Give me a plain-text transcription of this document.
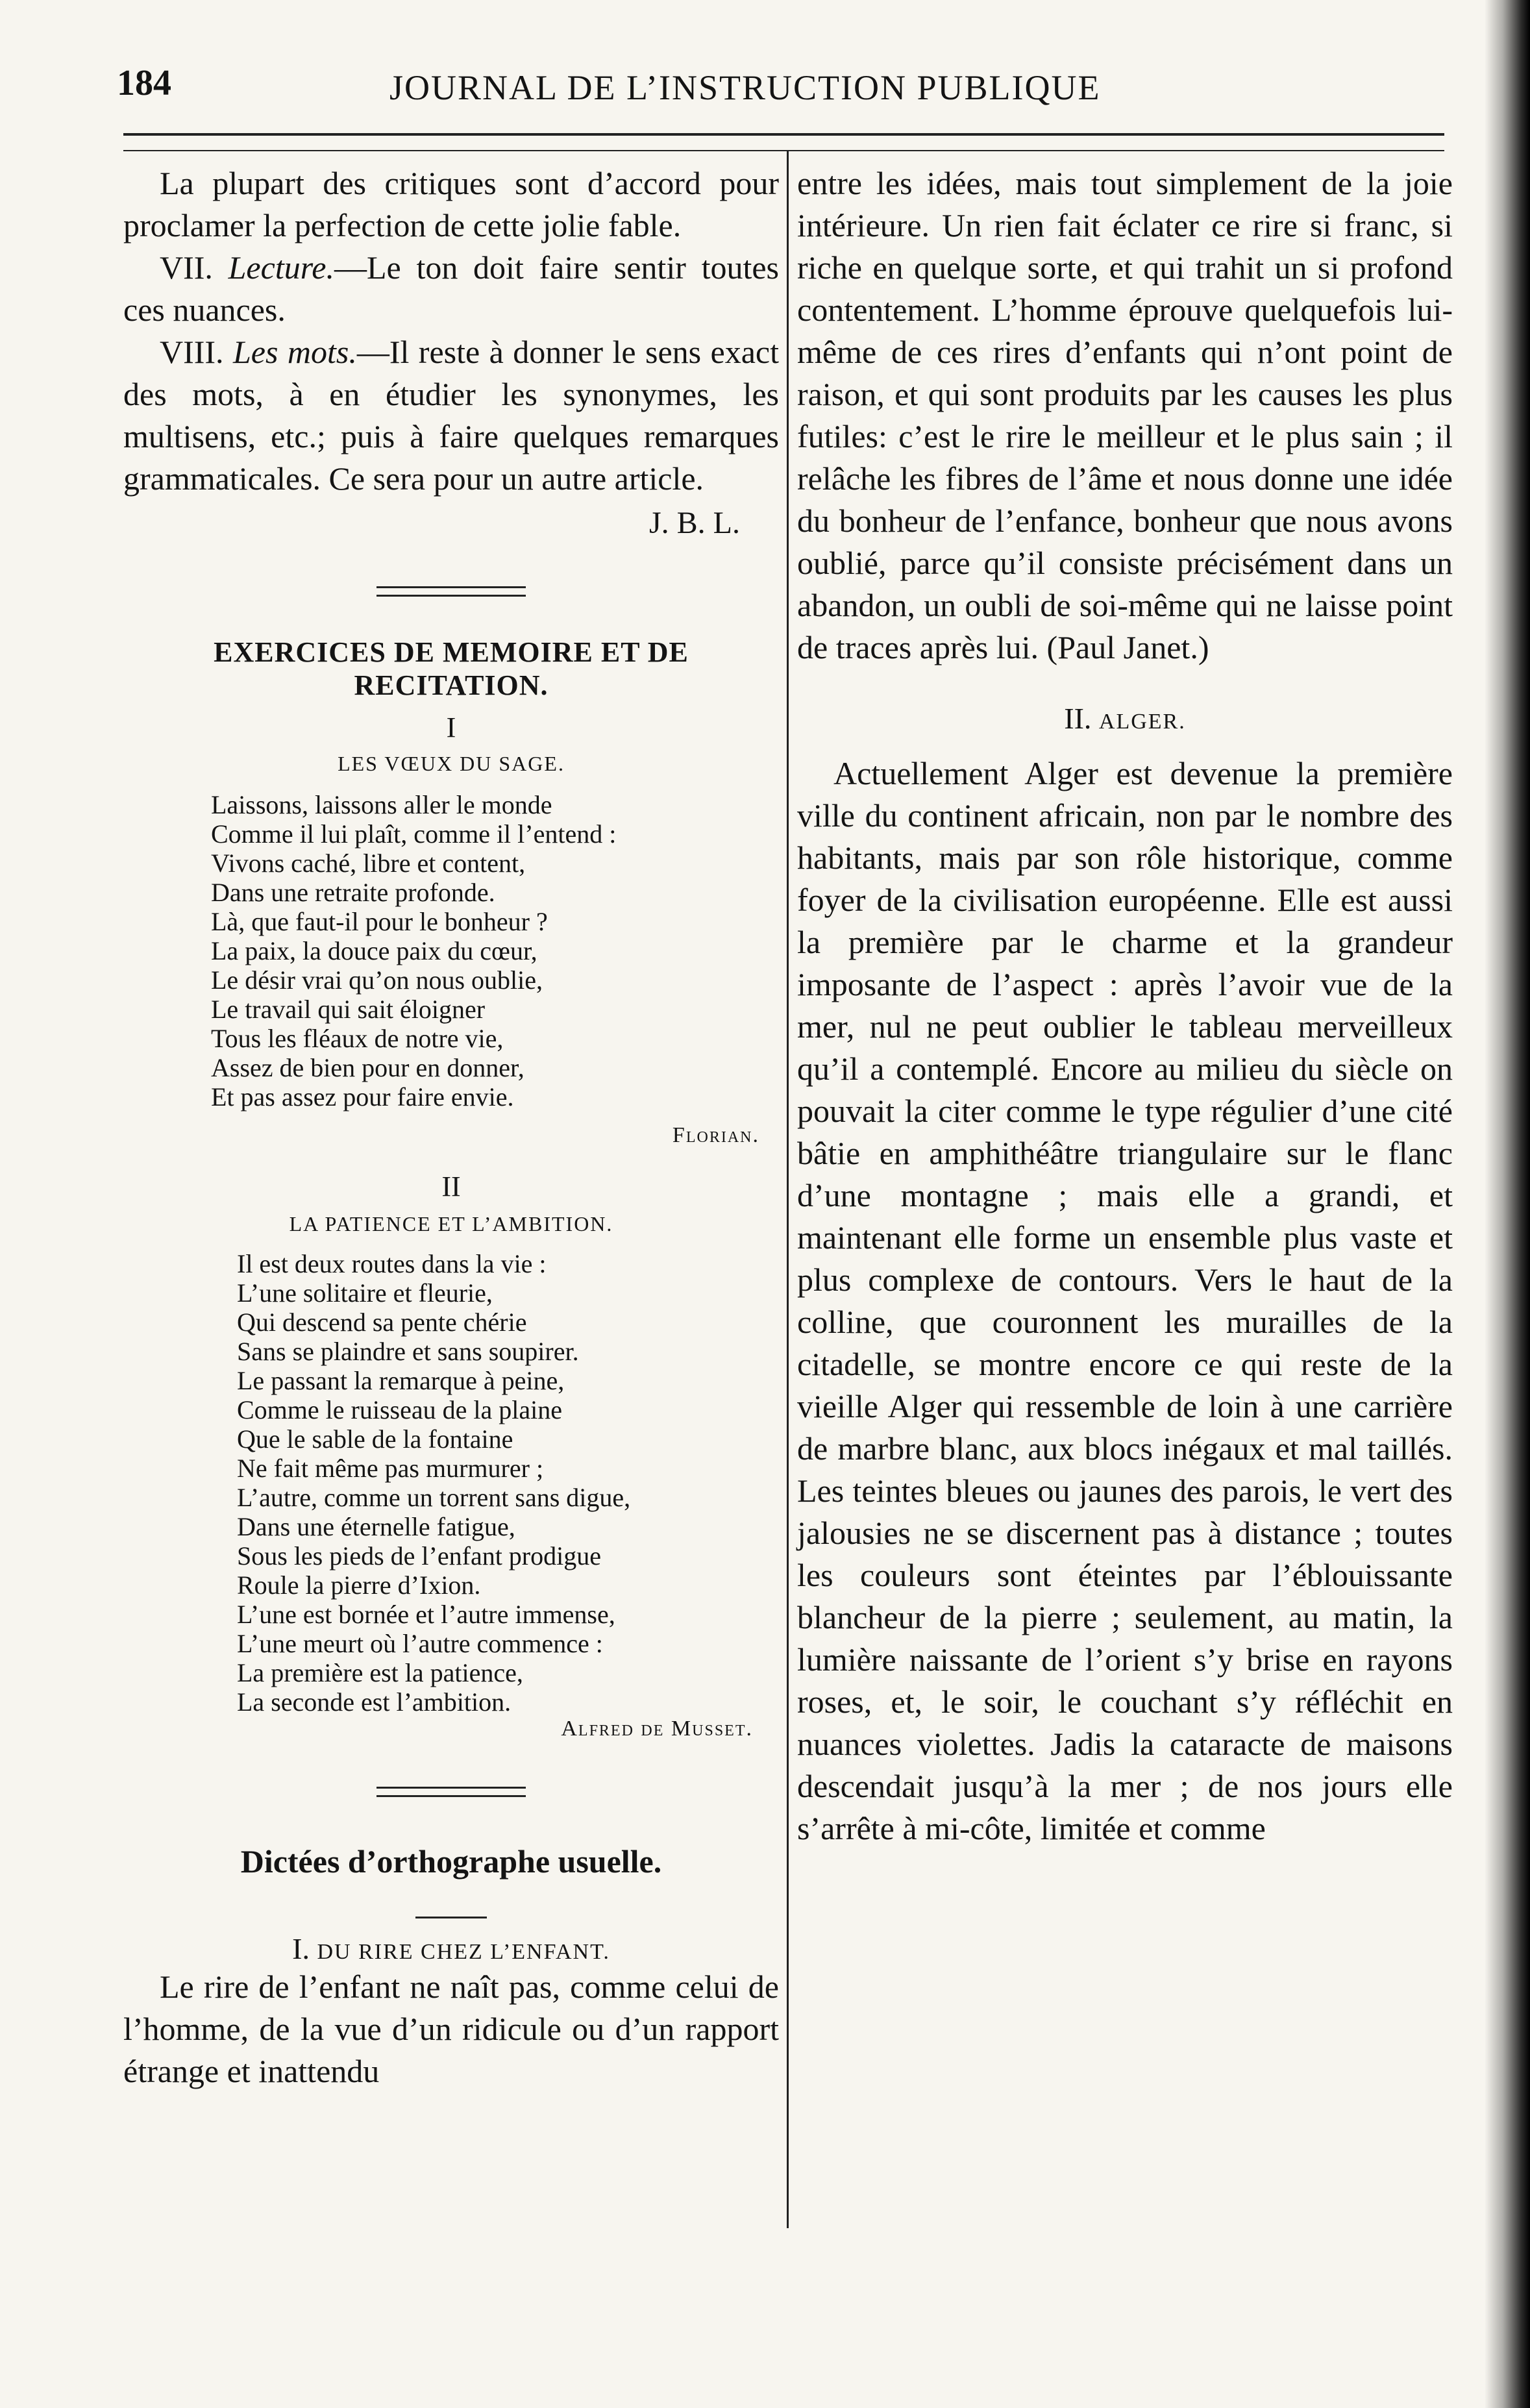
184	JOURNAL DE L’INSTRUCTION PUBLIQUE

La plupart des critiques sont d’accord pour proclamer la perfection de cette jolie fable.

VII. Lecture.—Le ton doit faire sentir toutes ces nuances.

VIII. Les mots.—Il reste à donner le sens exact des mots, à en étudier les synonymes, les multisens, etc.; puis à faire quelques remarques grammaticales. Ce sera pour un autre article.

J. B. L.
EXERCICES DE MEMOIRE ET DE RECITATION.
I
LES VŒUX DU SAGE.
Laissons, laissons aller le monde
Comme il lui plaît, comme il l’entend :
Vivons caché, libre et content,
Dans une retraite profonde.
Là, que faut-il pour le bonheur ?
La paix, la douce paix du cœur,
Le désir vrai qu’on nous oublie,
Le travail qui sait éloigner
Tous les fléaux de notre vie,
Assez de bien pour en donner,
Et pas assez pour faire envie.
Florian.
II
LA PATIENCE ET L’AMBITION.
Il est deux routes dans la vie :
L’une solitaire et fleurie,
Qui descend sa pente chérie
Sans se plaindre et sans soupirer.
Le passant la remarque à peine,
Comme le ruisseau de la plaine
Que le sable de la fontaine
Ne fait même pas murmurer ;
L’autre, comme un torrent sans digue,
Dans une éternelle fatigue,
Sous les pieds de l’enfant prodigue
Roule la pierre d’Ixion.
L’une est bornée et l’autre immense,
L’une meurt où l’autre commence :
La première est la patience,
La seconde est l’ambition.
Alfred de Musset.
Dictées d’orthographe usuelle.
I. DU RIRE CHEZ L’ENFANT.

Le rire de l’enfant ne naît pas, comme celui de l’homme, de la vue d’un ridicule ou d’un rapport étrange et inattendu

entre les idées, mais tout simplement de la joie intérieure. Un rien fait éclater ce rire si franc, si riche en quelque sorte, et qui trahit un si profond contentement. L’homme éprouve quelquefois lui-même de ces rires d’enfants qui n’ont point de raison, et qui sont produits par les causes les plus futiles: c’est le rire le meilleur et le plus sain ; il relâche les fibres de l’âme et nous donne une idée du bonheur de l’enfance, bonheur que nous avons oublié, parce qu’il consiste précisément dans un abandon, un oubli de soi-même qui ne laisse point de traces après lui. (Paul Janet.)

II. ALGER.

Actuellement Alger est devenue la première ville du continent africain, non par le nombre des habitants, mais par son rôle historique, comme foyer de la civilisation européenne. Elle est aussi la première par le charme et la grandeur imposante de l’aspect : après l’avoir vue de la mer, nul ne peut oublier le tableau merveilleux qu’il a contemplé. Encore au milieu du siècle on pouvait la citer comme le type régulier d’une cité bâtie en amphithéâtre triangulaire sur le flanc d’une montagne ; mais elle a grandi, et maintenant elle forme un ensemble plus vaste et plus complexe de contours. Vers le haut de la colline, que couronnent les murailles de la citadelle, se montre encore ce qui reste de la vieille Alger qui ressemble de loin à une carrière de marbre blanc, aux blocs inégaux et mal taillés. Les teintes bleues ou jaunes des parois, le vert des jalousies ne se discernent pas à distance ; toutes les couleurs sont éteintes par l’éblouissante blancheur de la pierre ; seulement, au matin, la lumière naissante de l’orient s’y brise en rayons roses, et, le soir, le couchant s’y réfléchit en nuances violettes. Jadis la cataracte de maisons descendait jusqu’à la mer ; de nos jours elle s’arrête à mi-côte, limitée et comme
